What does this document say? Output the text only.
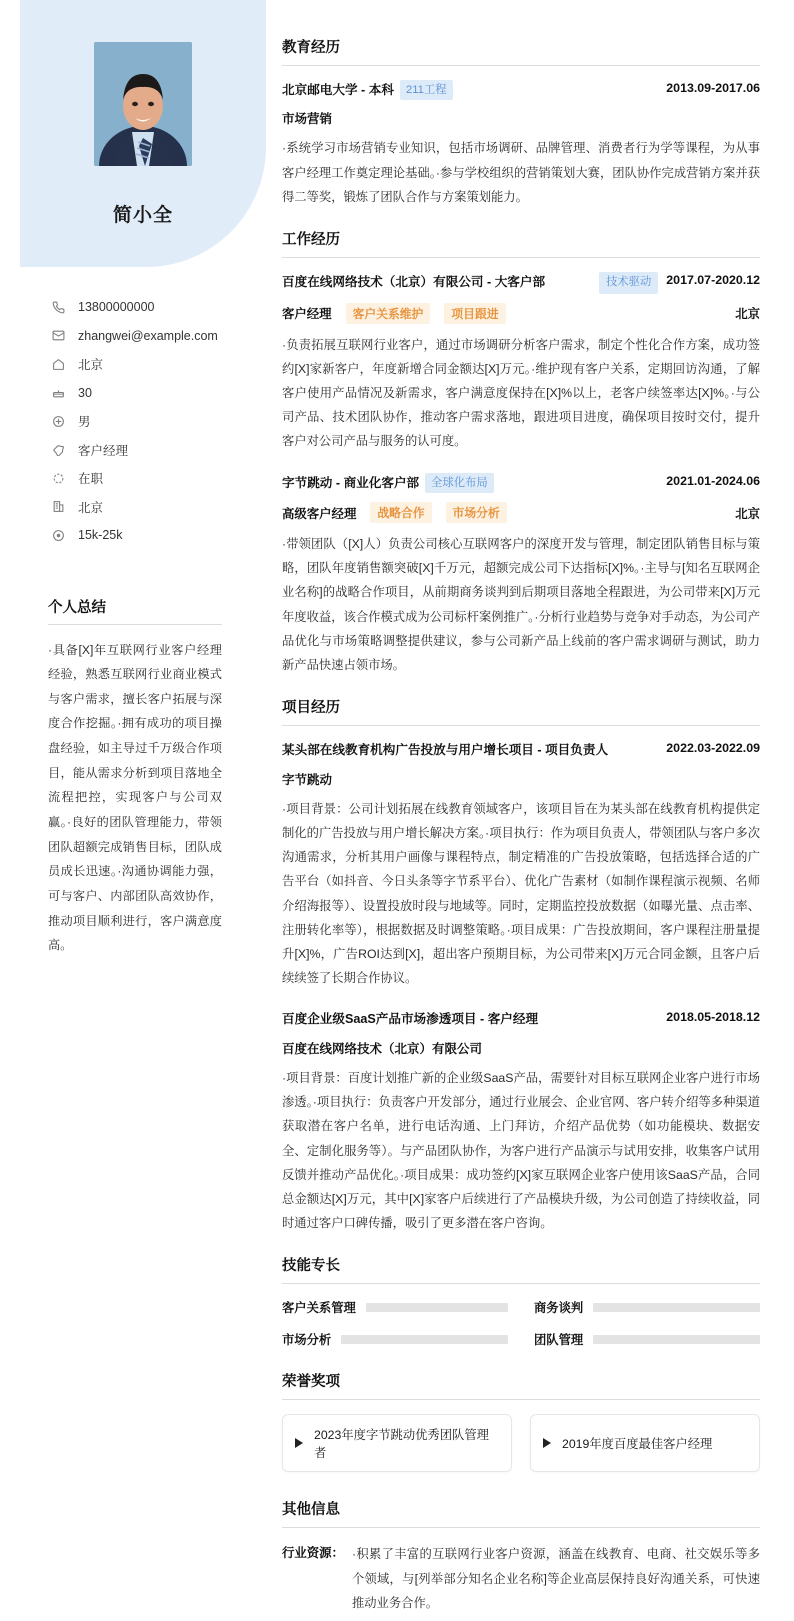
简小全
13800000000
zhangwei@example.com
北京
30
男
客户经理
在职
北京
15k-25k
个人总结
·具备[X]年互联网行业客户经理经验，熟悉互联网行业商业模式与客户需求，擅长客户拓展与深度合作挖掘。·拥有成功的项目操盘经验，如主导过千万级合作项目，能从需求分析到项目落地全流程把控，实现客户与公司双赢。·良好的团队管理能力，带领团队超额完成销售目标，团队成员成长迅速。·沟通协调能力强，可与客户、内部团队高效协作，推动项目顺利进行，客户满意度高。
教育经历
北京邮电大学 - 本科 211工程	2013.09-2017.06
市场营销
·系统学习市场营销专业知识，包括市场调研、品牌管理、消费者行为学等课程，为从事客户经理工作奠定理论基础。·参与学校组织的营销策划大赛，团队协作完成营销方案并获得二等奖，锻炼了团队合作与方案策划能力。
工作经历
百度在线网络技术（北京）有限公司 - 大客户部	技术驱动	2017.07-2020.12
客户经理	客户关系维护	项目跟进	北京
·负责拓展互联网行业客户，通过市场调研分析客户需求，制定个性化合作方案，成功签约[X]家新客户，年度新增合同金额达[X]万元。·维护现有客户关系，定期回访沟通，了解客户使用产品情况及新需求，客户满意度保持在[X]%以上，老客户续签率达[X]%。·与公司产品、技术团队协作，推动客户需求落地，跟进项目进度，确保项目按时交付，提升客户对公司产品与服务的认可度。
字节跳动 - 商业化客户部 全球化布局	2021.01-2024.06
高级客户经理	战略合作	市场分析	北京
·带领团队（[X]人）负责公司核心互联网客户的深度开发与管理，制定团队销售目标与策略，团队年度销售额突破[X]千万元，超额完成公司下达指标[X]%。·主导与[知名互联网企业名称]的战略合作项目，从前期商务谈判到后期项目落地全程跟进，为公司带来[X]万元年度收益，该合作模式成为公司标杆案例推广。·分析行业趋势与竞争对手动态，为公司产品优化与市场策略调整提供建议，参与公司新产品上线前的客户需求调研与测试，助力新产品快速占领市场。
项目经历
某头部在线教育机构广告投放与用户增长项目 - 项目负责人	2022.03-2022.09
字节跳动
·项目背景：公司计划拓展在线教育领域客户，该项目旨在为某头部在线教育机构提供定制化的广告投放与用户增长解决方案。·项目执行：作为项目负责人，带领团队与客户多次沟通需求，分析其用户画像与课程特点，制定精准的广告投放策略，包括选择合适的广告平台（如抖音、今日头条等字节系平台）、优化广告素材（如制作课程演示视频、名师介绍海报等）、设置投放时段与地域等。同时，定期监控投放数据（如曝光量、点击率、注册转化率等），根据数据及时调整策略。·项目成果：广告投放期间，客户课程注册量提升[X]%，广告ROI达到[X]，超出客户预期目标，为公司带来[X]万元合同金额，且客户后续续签了长期合作协议。
百度企业级SaaS产品市场渗透项目 - 客户经理	2018.05-2018.12
百度在线网络技术（北京）有限公司
·项目背景：百度计划推广新的企业级SaaS产品，需要针对目标互联网企业客户进行市场渗透。·项目执行：负责客户开发部分，通过行业展会、企业官网、客户转介绍等多种渠道获取潜在客户名单，进行电话沟通、上门拜访，介绍产品优势（如功能模块、数据安全、定制化服务等）。与产品团队协作，为客户进行产品演示与试用安排，收集客户试用反馈并推动产品优化。·项目成果：成功签约[X]家互联网企业客户使用该SaaS产品，合同总金额达[X]万元，其中[X]家客户后续进行了产品模块升级，为公司创造了持续收益，同时通过客户口碑传播，吸引了更多潜在客户咨询。
技能专长
客户关系管理	商务谈判
市场分析	团队管理
荣誉奖项
2023年度字节跳动优秀团队管理者
2019年度百度最佳客户经理
其他信息
行业资源： ·积累了丰富的互联网行业客户资源，涵盖在线教育、电商、社交娱乐等多个领域，与[列举部分知名企业名称]等企业高层保持良好沟通关系，可快速推动业务合作。
